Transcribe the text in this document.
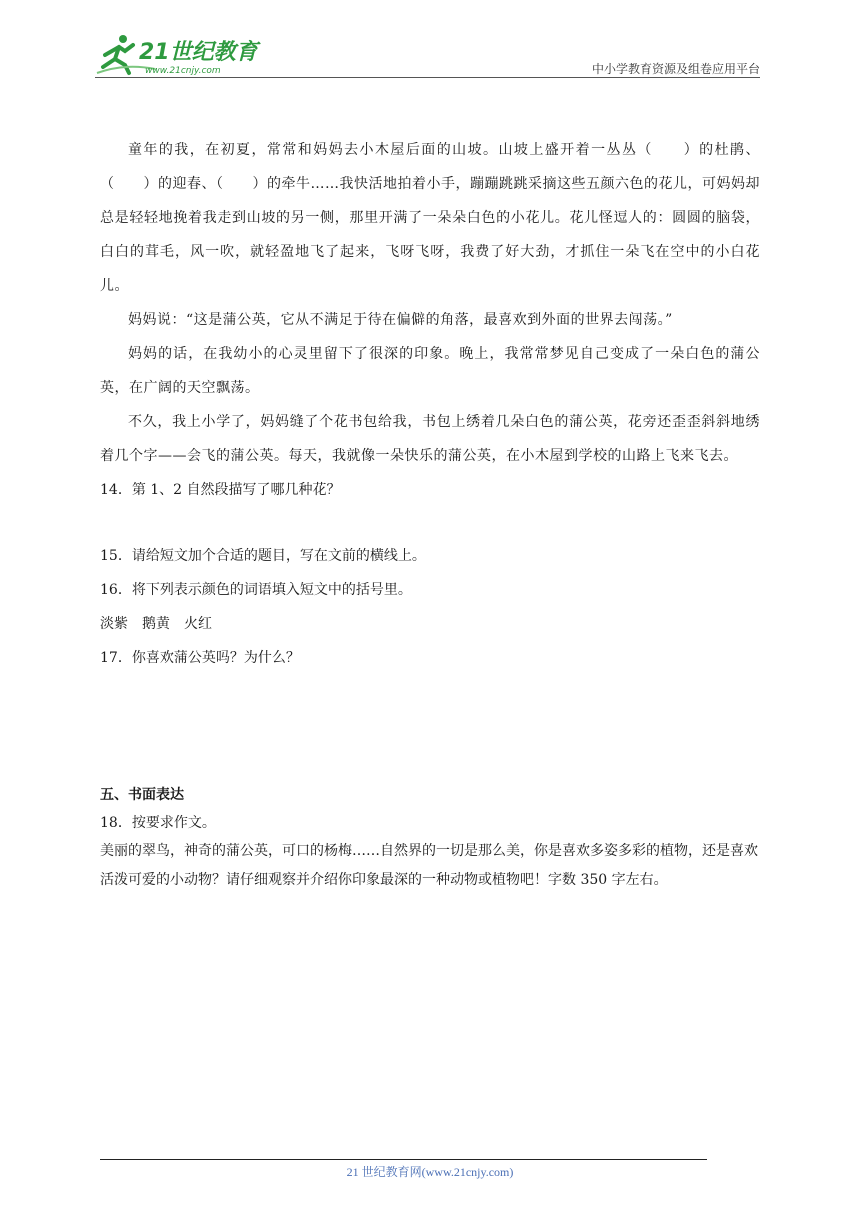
21世纪教育
www.21cnjy.com	中小学教育资源及组卷应用平台

童年的我，在初夏，常常和妈妈去小木屋后面的山坡。山坡上盛开着一丛丛（　　）的杜鹃、（　　）的迎春、（　　）的牵牛……我快活地拍着小手，蹦蹦跳跳采摘这些五颜六色的花儿，可妈妈却总是轻轻地挽着我走到山坡的另一侧，那里开满了一朵朵白色的小花儿。花儿怪逗人的：圆圆的脑袋，白白的茸毛，风一吹，就轻盈地飞了起来，飞呀飞呀，我费了好大劲，才抓住一朵飞在空中的小白花儿。

妈妈说：“这是蒲公英，它从不满足于待在偏僻的角落，最喜欢到外面的世界去闯荡。”

妈妈的话，在我幼小的心灵里留下了很深的印象。晚上，我常常梦见自己变成了一朵白色的蒲公英，在广阔的天空飘荡。

不久，我上小学了，妈妈缝了个花书包给我，书包上绣着几朵白色的蒲公英，花旁还歪歪斜斜地绣着几个字——会飞的蒲公英。每天，我就像一朵快乐的蒲公英，在小木屋到学校的山路上飞来飞去。

14．第 1、2 自然段描写了哪几种花？

15．请给短文加个合适的题目，写在文前的横线上。

16．将下列表示颜色的词语填入短文中的括号里。

淡紫　鹅黄　火红

17．你喜欢蒲公英吗？为什么？

五、书面表达

18．按要求作文。

美丽的翠鸟，神奇的蒲公英，可口的杨梅……自然界的一切是那么美，你是喜欢多姿多彩的植物，还是喜欢活泼可爱的小动物？请仔细观察并介绍你印象最深的一种动物或植物吧！字数 350 字左右。

21 世纪教育网(www.21cnjy.com)
